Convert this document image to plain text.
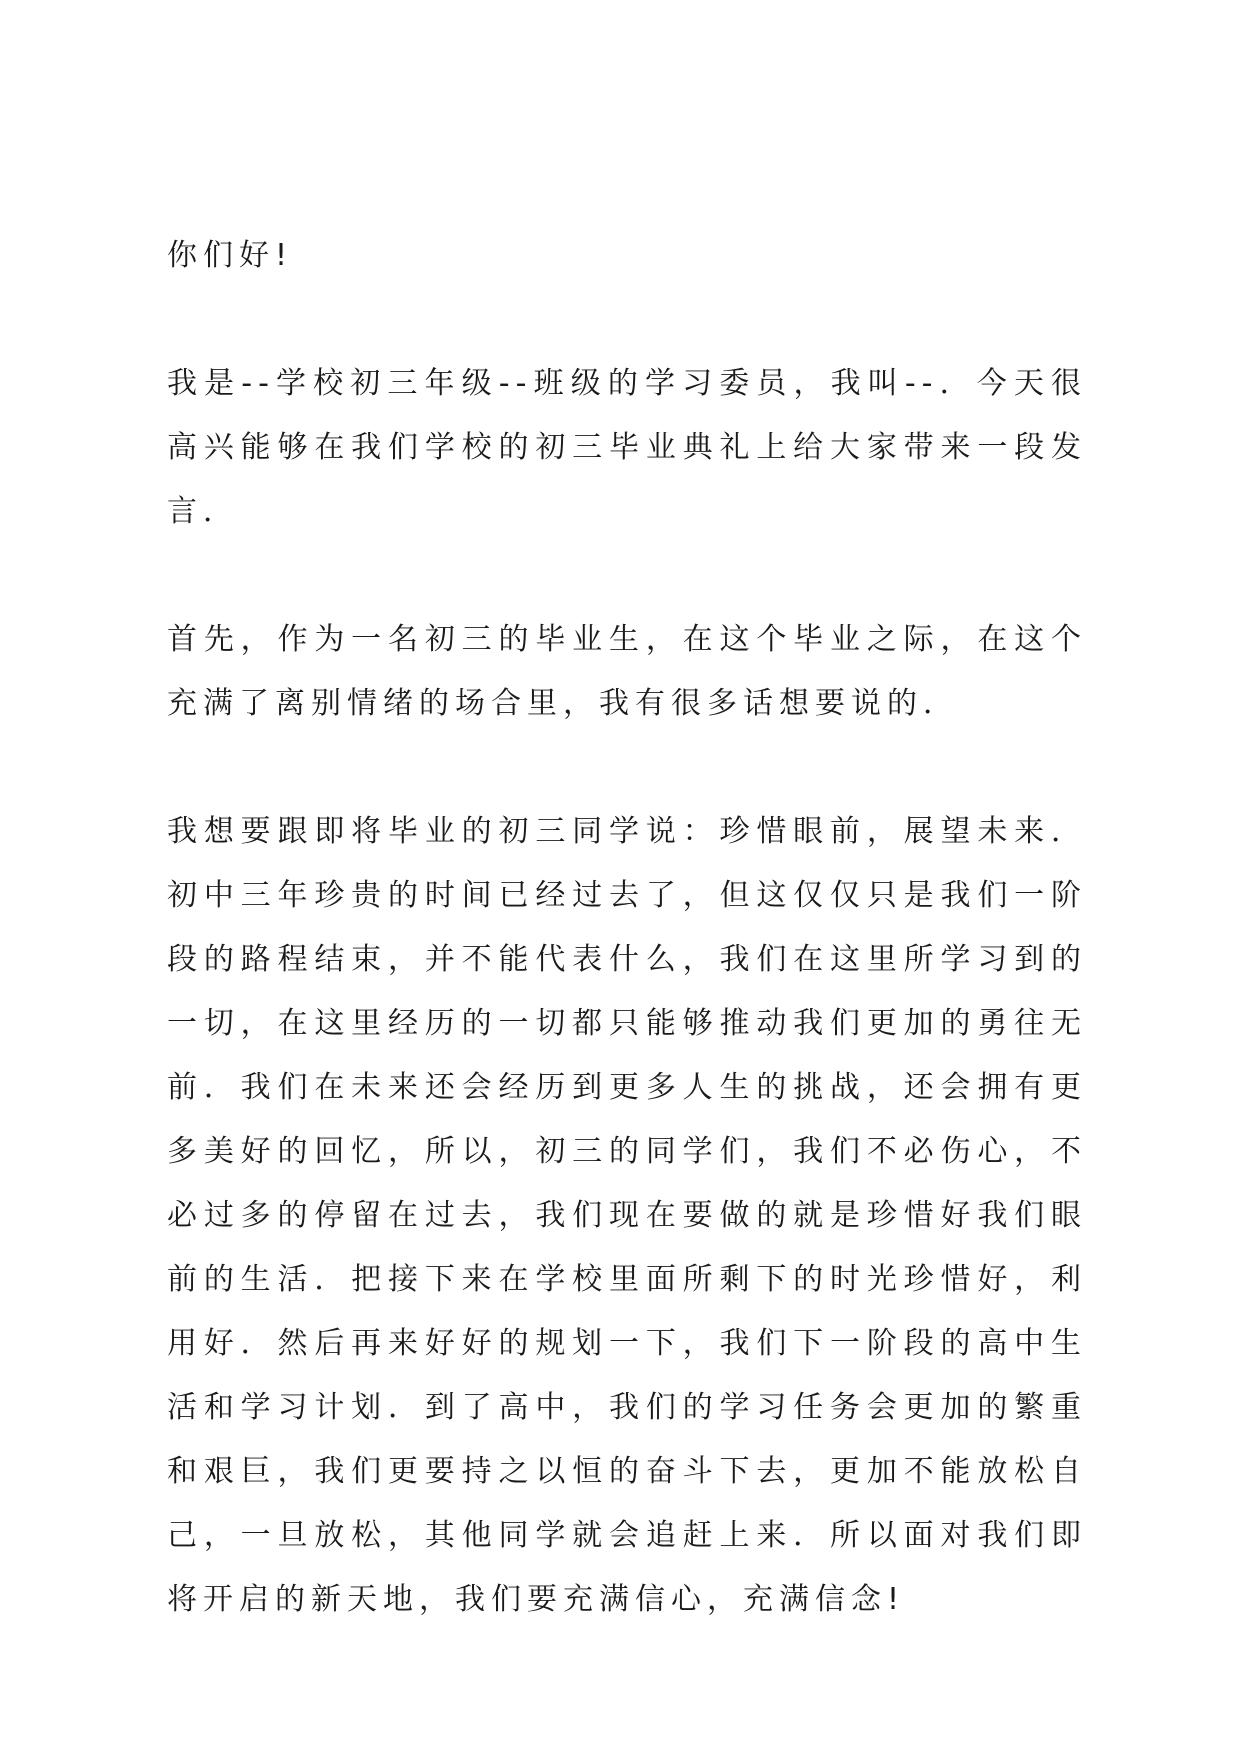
你们好!

我是--学校初三年级--班级的学习委员，我叫--．今天很高兴能够在我们学校的初三毕业典礼上给大家带来一段发言．

首先，作为一名初三的毕业生，在这个毕业之际，在这个充满了离别情绪的场合里，我有很多话想要说的．

我想要跟即将毕业的初三同学说：珍惜眼前，展望未来．初中三年珍贵的时间已经过去了，但这仅仅只是我们一阶段的路程结束，并不能代表什么，我们在这里所学习到的一切，在这里经历的一切都只能够推动我们更加的勇往无前．我们在未来还会经历到更多人生的挑战，还会拥有更多美好的回忆，所以，初三的同学们，我们不必伤心，不必过多的停留在过去，我们现在要做的就是珍惜好我们眼前的生活．把接下来在学校里面所剩下的时光珍惜好，利用好．然后再来好好的规划一下，我们下一阶段的高中生活和学习计划．到了高中，我们的学习任务会更加的繁重和艰巨，我们更要持之以恒的奋斗下去，更加不能放松自己，一旦放松，其他同学就会追赶上来．所以面对我们即将开启的新天地，我们要充满信心，充满信念!
